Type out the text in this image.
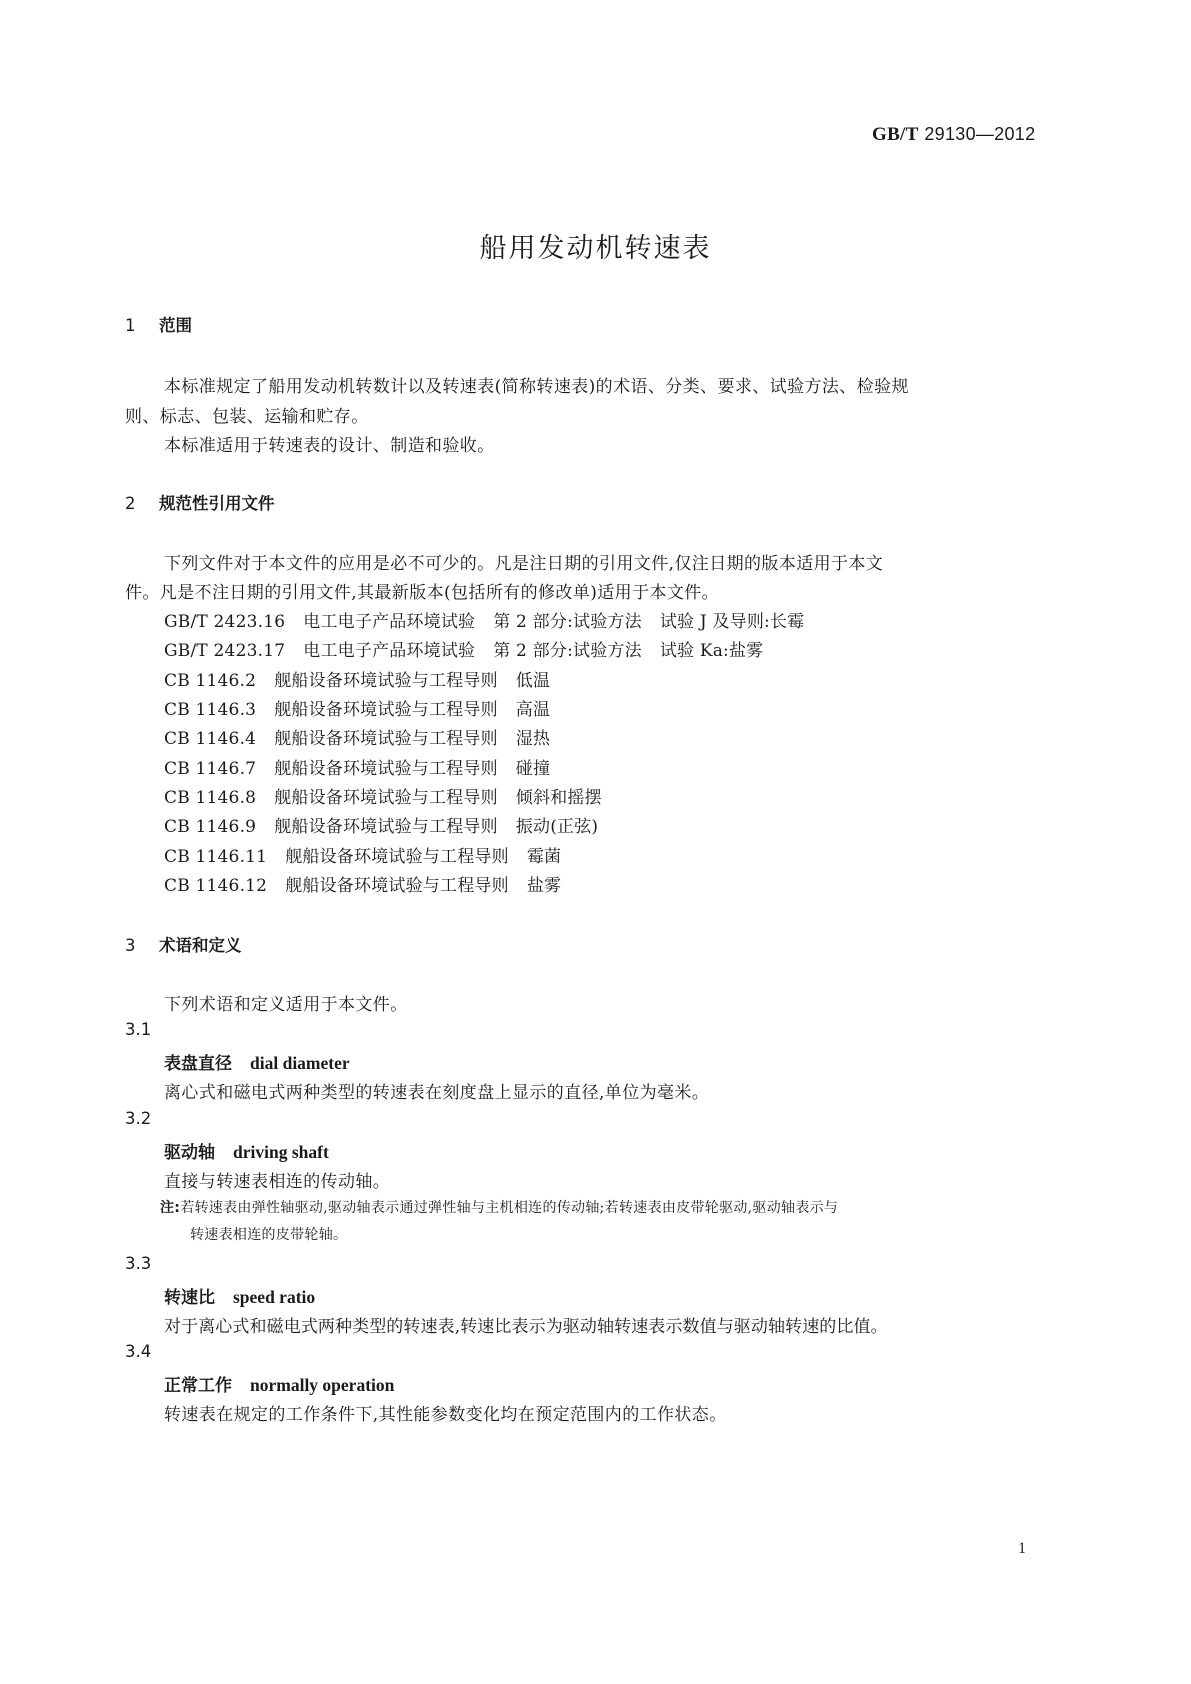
GB/T 29130—2012
船用发动机转速表
1 范围
本标准规定了船用发动机转数计以及转速表(简称转速表)的术语、分类、要求、试验方法、检验规
则、标志、包装、运输和贮存。
本标准适用于转速表的设计、制造和验收。
2 规范性引用文件
下列文件对于本文件的应用是必不可少的。凡是注日期的引用文件,仅注日期的版本适用于本文
件。凡是不注日期的引用文件,其最新版本(包括所有的修改单)适用于本文件。
GB/T 2423.16 电工电子产品环境试验 第 2 部分:试验方法 试验 J 及导则:长霉
GB/T 2423.17 电工电子产品环境试验 第 2 部分:试验方法 试验 Ka:盐雾
CB 1146.2 舰船设备环境试验与工程导则 低温
CB 1146.3 舰船设备环境试验与工程导则 高温
CB 1146.4 舰船设备环境试验与工程导则 湿热
CB 1146.7 舰船设备环境试验与工程导则 碰撞
CB 1146.8 舰船设备环境试验与工程导则 倾斜和摇摆
CB 1146.9 舰船设备环境试验与工程导则 振动(正弦)
CB 1146.11 舰船设备环境试验与工程导则 霉菌
CB 1146.12 舰船设备环境试验与工程导则 盐雾
3 术语和定义
下列术语和定义适用于本文件。
3.1
表盘直径 dial diameter
离心式和磁电式两种类型的转速表在刻度盘上显示的直径,单位为毫米。
3.2
驱动轴 driving shaft
直接与转速表相连的传动轴。
注:若转速表由弹性轴驱动,驱动轴表示通过弹性轴与主机相连的传动轴;若转速表由皮带轮驱动,驱动轴表示与
转速表相连的皮带轮轴。
3.3
转速比 speed ratio
对于离心式和磁电式两种类型的转速表,转速比表示为驱动轴转速表示数值与驱动轴转速的比值。
3.4
正常工作 normally operation
转速表在规定的工作条件下,其性能参数变化均在预定范围内的工作状态。
1
